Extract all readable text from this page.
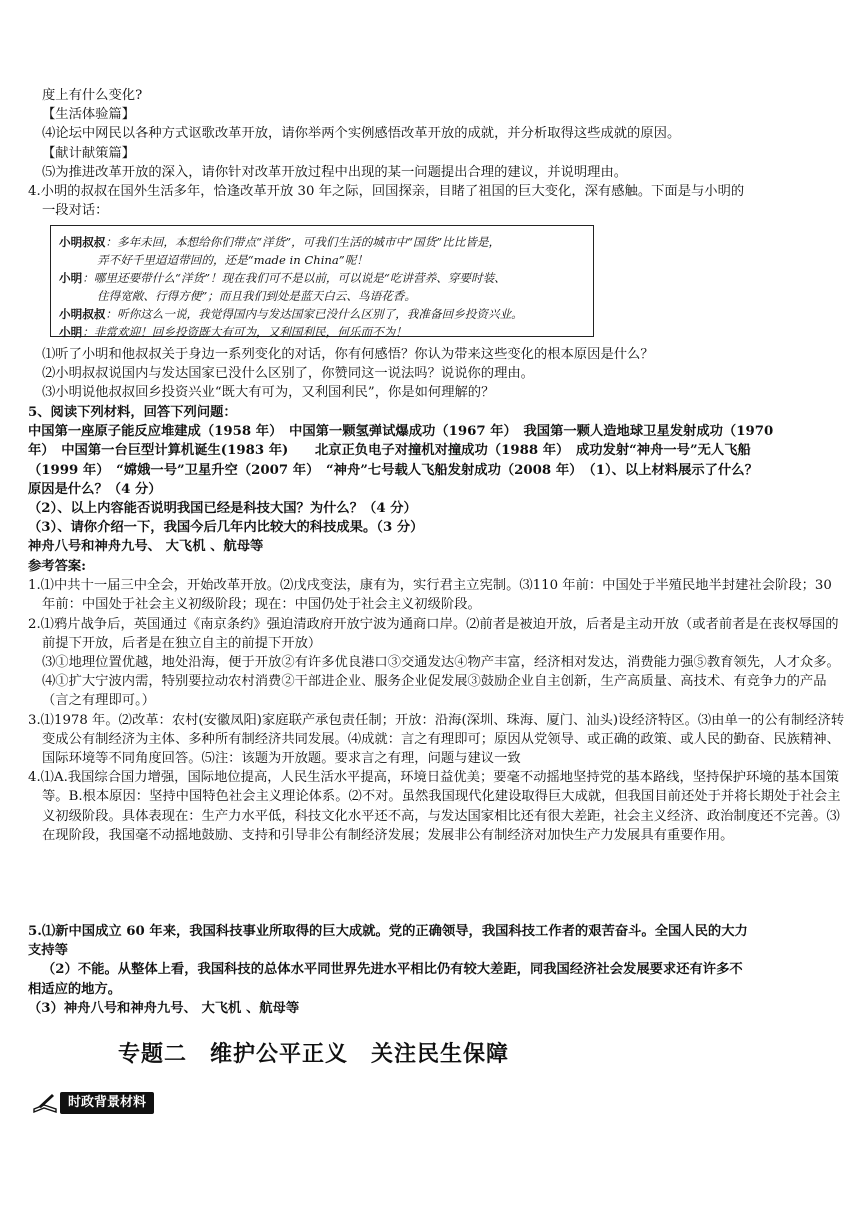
度上有什么变化?
【生活体验篇】
⑷论坛中网民以各种方式讴歌改革开放，请你举两个实例感悟改革开放的成就，并分析取得这些成就的原因。
【献计献策篇】
⑸为推进改革开放的深入，请你针对改革开放过程中出现的某一问题提出合理的建议，并说明理由。
4.小明的叔叔在国外生活多年，恰逢改革开放 30 年之际，回国探亲，目睹了祖国的巨大变化，深有感触。下面是与小明的
一段对话：
小明叔叔：多年未回，本想给你们带点“洋货”，可我们生活的城市中“国货”比比皆是，
弄不好千里迢迢带回的，还是“made in China”呢！
小明：哪里还要带什么“洋货”！现在我们可不是以前，可以说是“吃讲营养、穿要时装、
住得宽敞、行得方便”；而且我们到处是蓝天白云、鸟语花香。
小明叔叔：听你这么一说，我觉得国内与发达国家已没什么区别了，我准备回乡投资兴业。
小明：非常欢迎！回乡投资既大有可为，又利国利民，何乐而不为！
⑴听了小明和他叔叔关于身边一系列变化的对话，你有何感悟？你认为带来这些变化的根本原因是什么？
⑵小明叔叔说国内与发达国家已没什么区别了，你赞同这一说法吗？说说你的理由。
⑶小明说他叔叔回乡投资兴业“既大有可为，又利国利民”，你是如何理解的？
5、阅读下列材料，回答下列问题：
中国第一座原子能反应堆建成（1958 年）　中国第一颗氢弹试爆成功（1967 年）　我国第一颗人造地球卫星发射成功（1970
年）　中国第一台巨型计算机诞生(1983 年)　　北京正负电子对撞机对撞成功（1988 年）　成功发射“神舟一号”无人飞船
（1999 年）　“嫦娥一号”卫星升空（2007 年）　“神舟”七号载人飞船发射成功（2008 年）　（1）、以上材料展示了什么？
原因是什么？（4 分）
（2）、以上内容能否说明我国已经是科技大国？为什么？（4 分）
（3）、请你介绍一下，我国今后几年内比较大的科技成果。（3 分）
神舟八号和神舟九号、 大飞机 、航母等
参考答案:
1.⑴中共十一届三中全会，开始改革开放。⑵戊戌变法，康有为，实行君主立宪制。⑶110 年前：中国处于半殖民地半封建社会阶段；30 年前：中国处于社会主义初级阶段；现在：中国仍处于社会主义初级阶段。
2.⑴鸦片战争后，英国通过《南京条约》强迫清政府开放宁波为通商口岸。⑵前者是被迫开放，后者是主动开放（或者前者是在丧权辱国的前提下开放，后者是在独立自主的前提下开放）
⑶①地理位置优越，地处沿海，便于开放②有许多优良港口③交通发达④物产丰富，经济相对发达，消费能力强⑤教育领先，人才众多。
⑷①扩大宁波内需，特别要拉动农村消费②干部进企业、服务企业促发展③鼓励企业自主创新，生产高质量、高技术、有竞争力的产品（言之有理即可。）
3.⑴1978 年。⑵改革：农村(安徽凤阳)家庭联产承包责任制；开放：沿海(深圳、珠海、厦门、汕头)设经济特区。⑶由单一的公有制经济转变成公有制经济为主体、多种所有制经济共同发展。⑷成就：言之有理即可；原因从党领导、或正确的政策、或人民的勤奋、民族精神、国际环境等不同角度回答。⑸注：该题为开放题。要求言之有理，问题与建议一致
4.⑴A.我国综合国力增强，国际地位提高，人民生活水平提高，环境日益优美；要毫不动摇地坚持党的基本路线，坚持保护环境的基本国策等。B.根本原因：坚持中国特色社会主义理论体系。⑵不对。虽然我国现代化建设取得巨大成就，但我国目前还处于并将长期处于社会主义初级阶段。具体表现在：生产力水平低，科技文化水平还不高，与发达国家相比还有很大差距，社会主义经济、政治制度还不完善。⑶在现阶段，我国毫不动摇地鼓励、支持和引导非公有制经济发展；发展非公有制经济对加快生产力发展具有重要作用。
5.⑴新中国成立 60 年来，我国科技事业所取得的巨大成就。党的正确领导，我国科技工作者的艰苦奋斗。全国人民的大力
支持等
（2）不能。从整体上看，我国科技的总体水平同世界先进水平相比仍有较大差距，同我国经济社会发展要求还有许多不
相适应的地方。
（3）神舟八号和神舟九号、 大飞机 、航母等
专题二　维护公平正义　关注民生保障
时政背景材料
